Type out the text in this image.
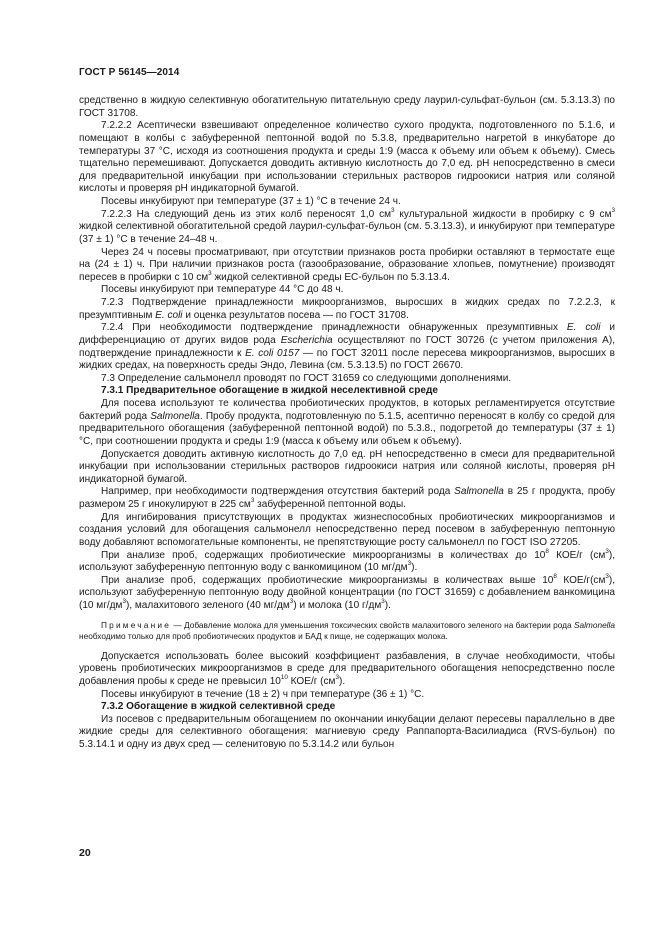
ГОСТ Р 56145—2014

средственно в жидкую селективную обогатительную питательную среду лаурил-сульфат-бульон (см. 5.3.13.3) по ГОСТ 31708.

7.2.2.2 Асептически взвешивают определенное количество сухого продукта, подготовленного по 5.1.6, и помещают в колбы с забуференной пептонной водой по 5.3.8, предварительно нагретой в инкубаторе до температуры 37 °С, исходя из соотношения продукта и среды 1:9 (масса к объему или объем к объему). Смесь тщательно перемешивают. Допускается доводить активную кислотность до 7,0 ед. рН непосредственно в смеси для предварительной инкубации при использовании стерильных растворов гидроокиси натрия или соляной кислоты и проверяя рН индикаторной бумагой.

Посевы инкубируют при температуре (37 ± 1) °С в течение 24 ч.

7.2.2.3 На следующий день из этих колб переносят 1,0 $см^3$ культуральной жидкости в пробирку с 9 $см^3$ жидкой селективной обогатительной средой лаурил-сульфат-бульон (см. 5.3.13.3), и инкубируют при температуре (37 ± 1) °С в течение 24–48 ч.

Через 24 ч посевы просматривают, при отсутствии признаков роста пробирки оставляют в термостате еще на (24 ± 1) ч. При наличии признаков роста (газообразование, образование хлопьев, помутнение) производят пересев в пробирки с 10 $см^3$ жидкой селективной среды ЕС-бульон по 5.3.13.4.

Посевы инкубируют при температуре 44 °С до 48 ч.

7.2.3 Подтверждение принадлежности микроорганизмов, выросших в жидких средах по 7.2.2.3, к презумптивным E. coli и оценка результатов посева — по ГОСТ 31708.

7.2.4 При необходимости подтверждение принадлежности обнаруженных презумптивных E. coli и дифференциацию от других видов рода Escherichia осуществляют по ГОСТ 30726 (с учетом приложения А), подтверждение принадлежности к E. coli 0157 — по ГОСТ 32011 после пересева микроорганизмов, выросших в жидких средах, на поверхность среды Эндо, Левина (см. 5.3.13.5) по ГОСТ 26670.

7.3 Определение сальмонелл проводят по ГОСТ 31659 со следующими дополнениями.

7.3.1 Предварительное обогащение в жидкой неселективной среде

Для посева используют те количества пробиотических продуктов, в которых регламентируется отсутствие бактерий рода Salmonella. Пробу продукта, подготовленную по 5.1.5, асептично переносят в колбу со средой для предварительного обогащения (забуференной пептонной водой) по 5.3.8., подогретой до температуры (37 ± 1) °С, при соотношении продукта и среды 1:9 (масса к объему или объем к объему).

Допускается доводить активную кислотность до 7,0 ед. рН непосредственно в смеси для предварительной инкубации при использовании стерильных растворов гидроокиси натрия или соляной кислоты, проверяя рН индикаторной бумагой.

Например, при необходимости подтверждения отсутствия бактерий рода Salmonella в 25 г продукта, пробу размером 25 г инокулируют в 225 $см^3$ забуференной пептонной воды.

Для ингибирования присутствующих в продуктах жизнеспособных пробиотических микроорганизмов и создания условий для обогащения сальмонелл непосредственно перед посевом в забуференную пептонную воду добавляют вспомогательные компоненты, не препятствующие росту сальмонелл по ГОСТ ISO 27205.

При анализе проб, содержащих пробиотические микроорганизмы в количествах до $10^8$ КОЕ/г $(см^3)$, используют забуференную пептонную воду с ванкомицином (10 $мг/дм^3$).

При анализе проб, содержащих пробиотические микроорганизмы в количествах выше $10^8$ КОЕ/$г(см^3)$, используют забуференную пептонную воду двойной концентрации (по ГОСТ 31659) с добавлением ванкомицина (10 $мг/дм^3$), малахитового зеленого (40 $мг/дм^3$) и молока (10 $г/дм^3$).

Примечание — Добавление молока для уменьшения токсических свойств малахитового зеленого на бактерии рода Salmonella необходимо только для проб пробиотических продуктов и БАД к пище, не содержащих молока.

Допускается использовать более высокий коэффициент разбавления, в случае необходимости, чтобы уровень пробиотических микроорганизмов в среде для предварительного обогащения непосредственно после добавления пробы к среде не превысил $10^{10}$ КОЕ/г $(см^3)$.

Посевы инкубируют в течение (18 ± 2) ч при температуре (36 ± 1) °С.

7.3.2 Обогащение в жидкой селективной среде

Из посевов с предварительным обогащением по окончании инкубации делают пересевы параллельно в две жидкие среды для селективного обогащения: магниевую среду Раппапорта-Василиадиса (RVS-бульон) по 5.3.14.1 и одну из двух сред — селенитовую по 5.3.14.2 или бульон

20
